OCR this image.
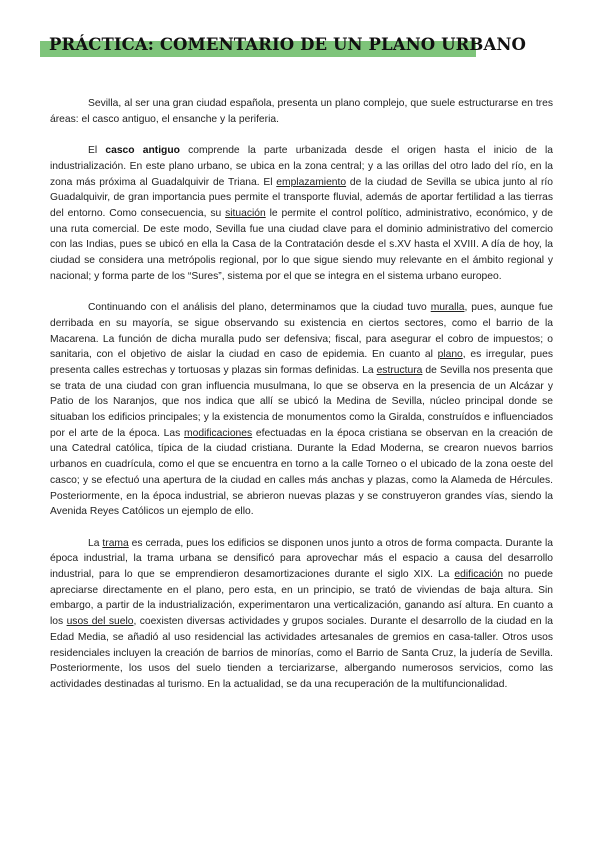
PRÁCTICA: COMENTARIO DE UN PLANO URBANO

Sevilla, al ser una gran ciudad española, presenta un plano complejo, que suele estructurarse en tres áreas: el casco antiguo, el ensanche y la periferia.

El casco antiguo comprende la parte urbanizada desde el origen hasta el inicio de la industrialización. En este plano urbano, se ubica en la zona central; y a las orillas del otro lado del río, en la zona más próxima al Guadalquivir de Triana. El emplazamiento de la ciudad de Sevilla se ubica junto al río Guadalquivir, de gran importancia pues permite el transporte fluvial, además de aportar fertilidad a las tierras del entorno. Como consecuencia, su situación le permite el control político, administrativo, económico, y de una ruta comercial. De este modo, Sevilla fue una ciudad clave para el dominio administrativo del comercio con las Indias, pues se ubicó en ella la Casa de la Contratación desde el s.XV hasta el XVIII. A día de hoy, la ciudad se considera una metrópolis regional, por lo que sigue siendo muy relevante en el ámbito regional y nacional; y forma parte de los “Sures”, sistema por el que se integra en el sistema urbano europeo.

Continuando con el análisis del plano, determinamos que la ciudad tuvo muralla, pues, aunque fue derribada en su mayoría, se sigue observando su existencia en ciertos sectores, como el barrio de la Macarena. La función de dicha muralla pudo ser defensiva; fiscal, para asegurar el cobro de impuestos; o sanitaria, con el objetivo de aislar la ciudad en caso de epidemia. En cuanto al plano, es irregular, pues presenta calles estrechas y tortuosas y plazas sin formas definidas. La estructura de Sevilla nos presenta que se trata de una ciudad con gran influencia musulmana, lo que se observa en la presencia de un Alcázar y Patio de los Naranjos, que nos indica que allí se ubicó la Medina de Sevilla, núcleo principal donde se situaban los edificios principales; y la existencia de monumentos como la Giralda, construídos e influenciados por el arte de la época. Las modificaciones efectuadas en la época cristiana se observan en la creación de una Catedral católica, típica de la ciudad cristiana. Durante la Edad Moderna, se crearon nuevos barrios urbanos en cuadrícula, como el que se encuentra en torno a la calle Torneo o el ubicado de la zona oeste del casco; y se efectuó una apertura de la ciudad en calles más anchas y plazas, como la Alameda de Hércules. Posteriormente, en la época industrial, se abrieron nuevas plazas y se construyeron grandes vías, siendo la Avenida Reyes Católicos un ejemplo de ello.

La trama es cerrada, pues los edificios se disponen unos junto a otros de forma compacta. Durante la época industrial, la trama urbana se densificó para aprovechar más el espacio a causa del desarrollo industrial, para lo que se emprendieron desamortizaciones durante el siglo XIX. La edificación no puede apreciarse directamente en el plano, pero esta, en un principio, se trató de viviendas de baja altura. Sin embargo, a partir de la industrialización, experimentaron una verticalización, ganando así altura. En cuanto a los usos del suelo, coexisten diversas actividades y grupos sociales. Durante el desarrollo de la ciudad en la Edad Media, se añadió al uso residencial las actividades artesanales de gremios en casa-taller. Otros usos residenciales incluyen la creación de barrios de minorías, como el Barrio de Santa Cruz, la judería de Sevilla. Posteriormente, los usos del suelo tienden a terciarizarse, albergando numerosos servicios, como las actividades destinadas al turismo. En la actualidad, se da una recuperación de la multifuncionalidad.
